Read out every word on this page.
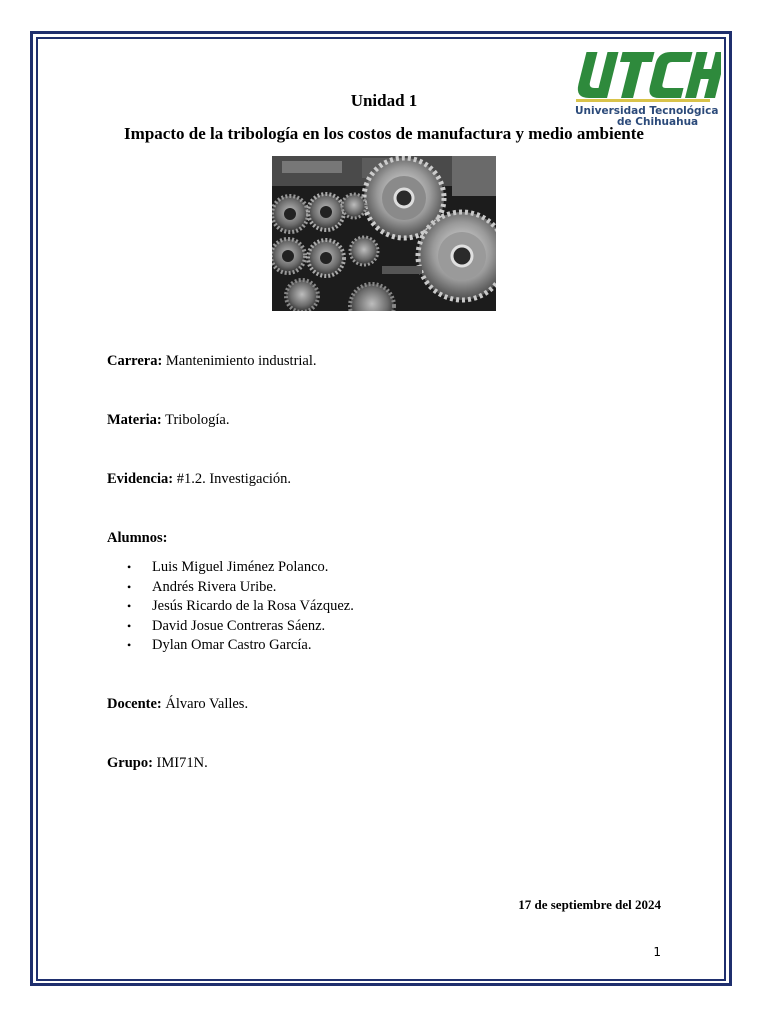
Universidad Tecnológica
de Chihuahua
Unidad 1
Impacto de la tribología en los costos de manufactura y medio ambiente
Carrera: Mantenimiento industrial.
Materia: Tribología.
Evidencia: #1.2. Investigación.
Alumnos:
• Luis Miguel Jiménez Polanco.
• Andrés Rivera Uribe.
• Jesús Ricardo de la Rosa Vázquez.
• David Josue Contreras Sáenz.
• Dylan Omar Castro García.
Docente: Álvaro Valles.
Grupo: IMI71N.
17 de septiembre del 2024
1
